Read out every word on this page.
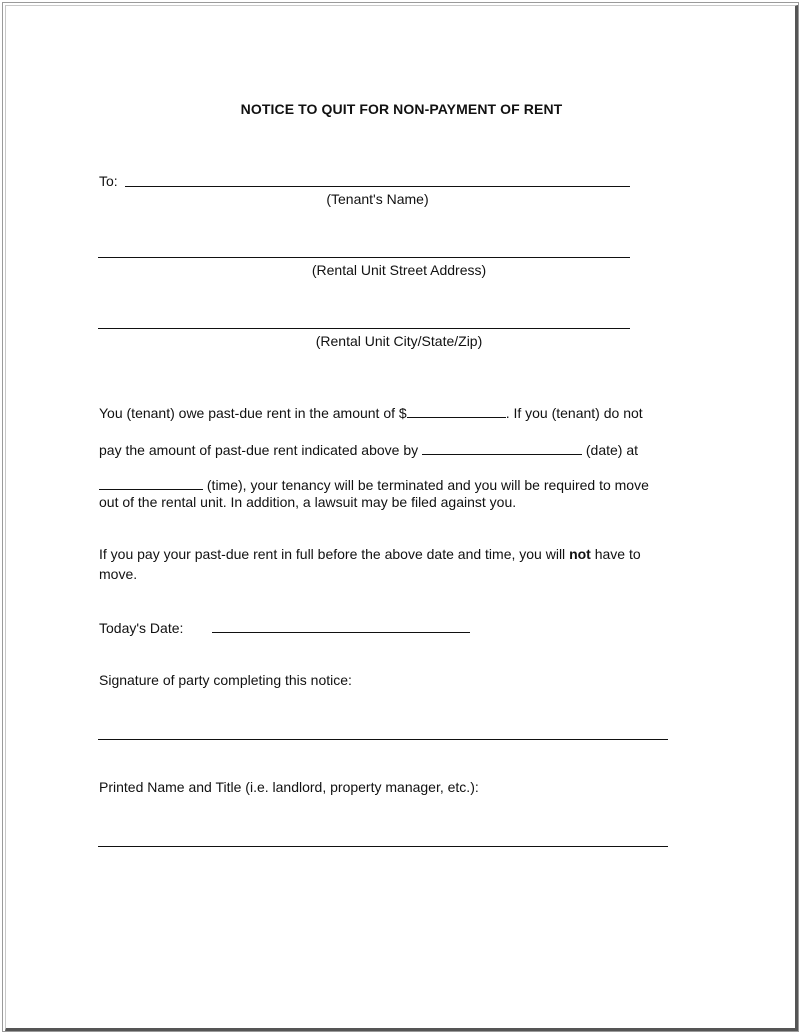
NOTICE TO QUIT FOR NON-PAYMENT OF RENT
To:
(Tenant's Name)
(Rental Unit Street Address)
(Rental Unit City/State/Zip)
You (tenant) owe past-due rent in the amount of $	. If you (tenant) do not
pay the amount of past-due rent indicated above by	(date) at
(time), your tenancy will be terminated and you will be required to move
out of the rental unit. In addition, a lawsuit may be filed against you.
If you pay your past-due rent in full before the above date and time, you will not have to
move.
Today's Date:
Signature of party completing this notice:
Printed Name and Title (i.e. landlord, property manager, etc.):
